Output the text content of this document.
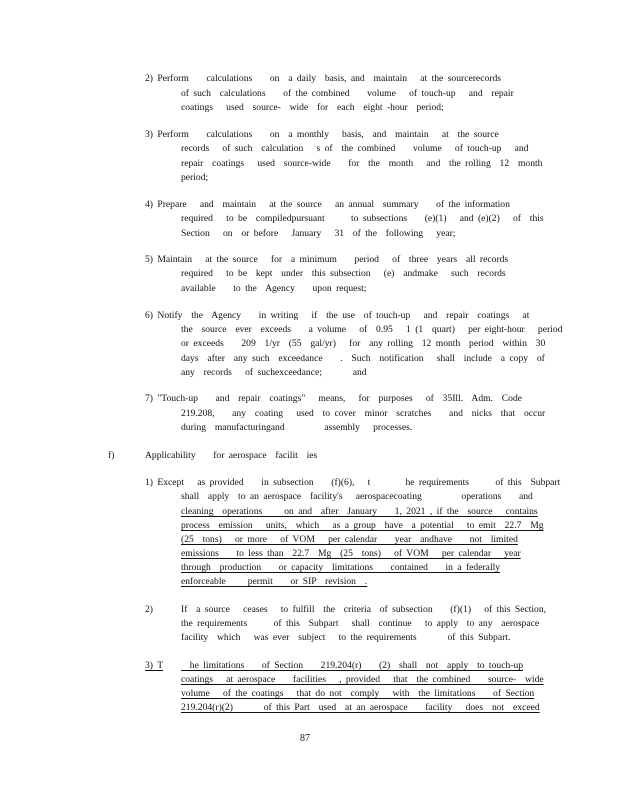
2) Perform    calculations    on  a daily  basis, and  maintain   at the sourcerecords
of such  calculations    of the combined    volume   of touch-up   and  repair
coatings   used  source-  wide  for  each  eight -hour  period;
3) Perform    calculations    on  a monthly   basis,  and  maintain   at  the source
records   of such  calculation   s of  the combined    volume   of touch-up   and
repair  coatings   used  source-wide    for  the  month   and  the rolling  12  month
period;
4) Prepare   and  maintain   at the source   an annual  summary    of the information
required   to be  compiledpursuant      to subsections    (e)(1)   and (e)(2)   of  this
Section   on  or before   January   31  of the  following   year;
5) Maintain   at the source   for  a minimum    period   of  three  years  all records
required   to be  kept  under  this subsection   (e)  andmake   such  records
available    to the  Agency    upon request;
6) Notify  the  Agency    in writing   if  the use  of touch-up   and  repair  coatings   at
the  source  ever  exceeds    a volume   of  0.95   1 (1  quart)   per eight-hour   period
or exceeds    209  1/yr  (55  gal/yr)   for  any rolling  12 month  period  within  30
days  after  any such  exceedance    .  Such  notification   shall  include  a copy  of
any  records   of suchexceedance;       and
7) "Touch-up    and  repair  coatings"   means,   for  purposes   of  35Ill.  Adm.  Code
219.208,    any  coating   used  to cover  minor  scratches    and  nicks  that  occur
during  manufacturingand         assembly   processes.
f)	Applicability    for aerospace  facilit  ies
1) Except   as provided    in subsection    (f)(6),   t        he requirements      of this  Subpart
shall  apply  to an aerospace  facility's   aerospacecoating         operations    and
cleaning  operations     on and  after  January    1, 2021 , if the  source   contains
process  emission   units,  which   as a group  have  a potential   to emit  22.7  Mg
(25  tons)   or more   of VOM   per calendar    year  andhave    not  limited
emissions    to less than  22.7  Mg  (25  tons)   of VOM   per calendar   year
through  production    or capacity  limitations    contained    in a federally
enforceable     permit    or SIP  revision  .
2)	If  a source   ceases   to fulfill  the  criteria  of subsection    (f)(1)   of this Section,
the requirements      of this  Subpart   shall  continue   to apply  to any  aerospace
facility  which   was ever  subject   to the requirements       of this Subpart.
3) T he limitations    of Section    219.204(r)    (2)  shall  not  apply  to touch-up
coatings   at aerospace    facilities   , provided   that  the combined    source-  wide
volume   of the coatings   that do not  comply   with  the limitations    of Section
219.204(r)(2)       of this Part  used  at an aerospace    facility   does  not  exceed
87
